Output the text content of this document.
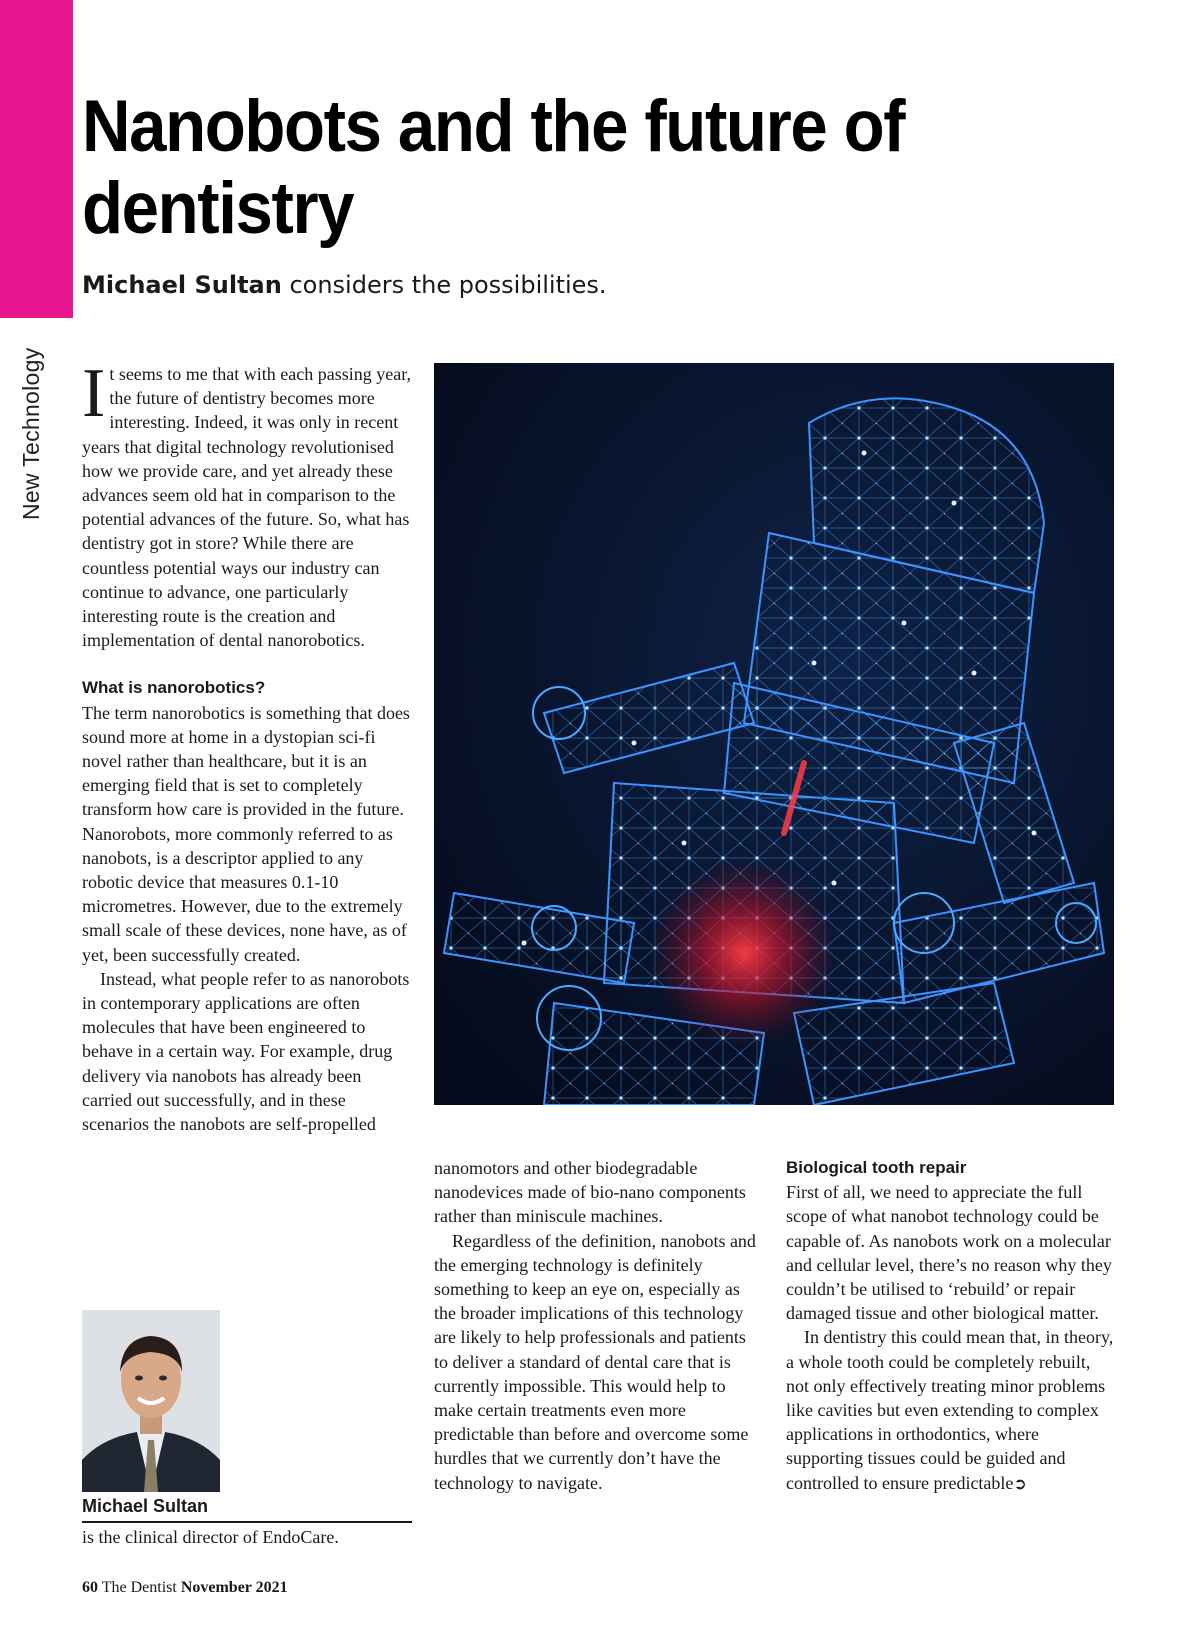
New Technology
Nanobots and the future of dentistry

Michael Sultan considers the possibilities.

It seems to me that with each passing year, the future of dentistry becomes more interesting. Indeed, it was only in recent years that digital technology revolutionised how we provide care, and yet already these advances seem old hat in comparison to the potential advances of the future. So, what has dentistry got in store? While there are countless potential ways our industry can continue to advance, one particularly interesting route is the creation and implementation of dental nanorobotics.

What is nanorobotics?

The term nanorobotics is something that does sound more at home in a dystopian sci-fi novel rather than healthcare, but it is an emerging field that is set to completely transform how care is provided in the future. Nanorobots, more commonly referred to as nanobots, is a descriptor applied to any robotic device that measures 0.1-10 micrometres. However, due to the extremely small scale of these devices, none have, as of yet, been successfully created.

Instead, what people refer to as nanorobots in contemporary applications are often molecules that have been engineered to behave in a certain way. For example, drug delivery via nanobots has already been carried out successfully, and in these scenarios the nanobots are self-propelled

nanomotors and other biodegradable nanodevices made of bio-nano components rather than miniscule machines.

Regardless of the definition, nanobots and the emerging technology is definitely something to keep an eye on, especially as the broader implications of this technology are likely to help professionals and patients to deliver a standard of dental care that is currently impossible. This would help to make certain treatments even more predictable than before and overcome some hurdles that we currently don’t have the technology to navigate.

Biological tooth repair

First of all, we need to appreciate the full scope of what nanobot technology could be capable of. As nanobots work on a molecular and cellular level, there’s no reason why they couldn’t be utilised to ‘rebuild’ or repair damaged tissue and other biological matter.

In dentistry this could mean that, in theory, a whole tooth could be completely rebuilt, not only effectively treating minor problems like cavities but even extending to complex applications in orthodontics, where supporting tissues could be guided and controlled to ensure predictable➲

Michael Sultan
is the clinical director of EndoCare.
60 The Dentist November 2021
